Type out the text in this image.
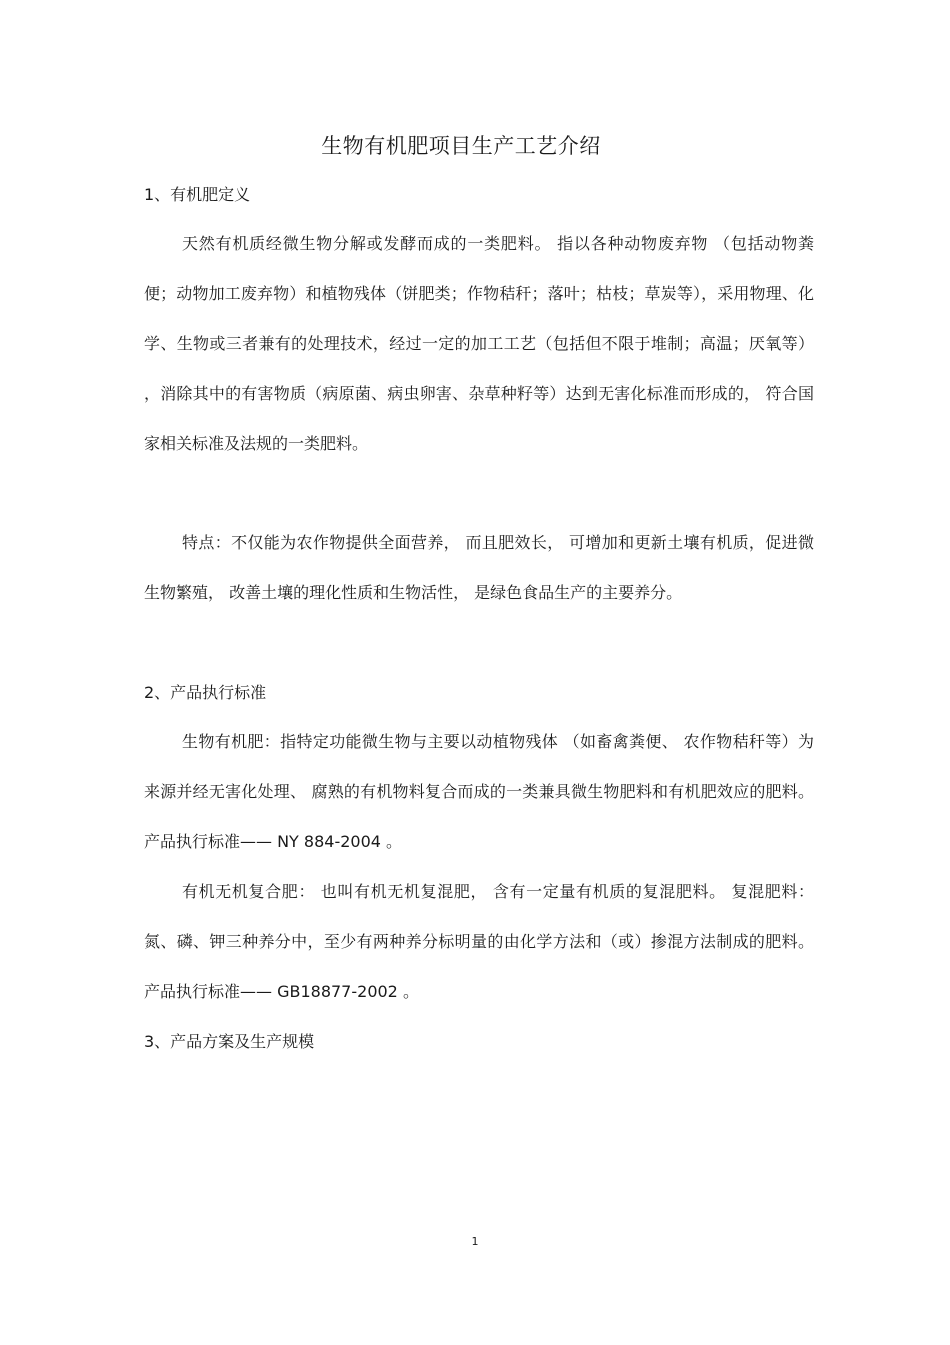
生物有机肥项目生产工艺介绍
1、有机肥定义

天然有机质经微生物分解或发酵而成的一类肥料。 指以各种动物废弃物 （包括动物粪便；动物加工废弃物）和植物残体（饼肥类；作物秸秆；落叶；枯枝；草炭等），采用物理、化学、生物或三者兼有的处理技术，经过一定的加工工艺（包括但不限于堆制；高温；厌氧等） ，消除其中的有害物质（病原菌、病虫卵害、杂草种籽等）达到无害化标准而形成的， 符合国家相关标准及法规的一类肥料。

特点：不仅能为农作物提供全面营养， 而且肥效长， 可增加和更新土壤有机质，促进微生物繁殖， 改善土壤的理化性质和生物活性， 是绿色食品生产的主要养分。

2、产品执行标准

生物有机肥：指特定功能微生物与主要以动植物残体 （如畜禽粪便、 农作物秸秆等）为来源并经无害化处理、 腐熟的有机物料复合而成的一类兼具微生物肥料和有机肥效应的肥料。产品执行标准—— NY 884-2004 。

有机无机复合肥： 也叫有机无机复混肥， 含有一定量有机质的复混肥料。 复混肥料：氮、磷、钾三种养分中，至少有两种养分标明量的由化学方法和（或）掺混方法制成的肥料。产品执行标准—— GB18877-2002 。

3、产品方案及生产规模
1
